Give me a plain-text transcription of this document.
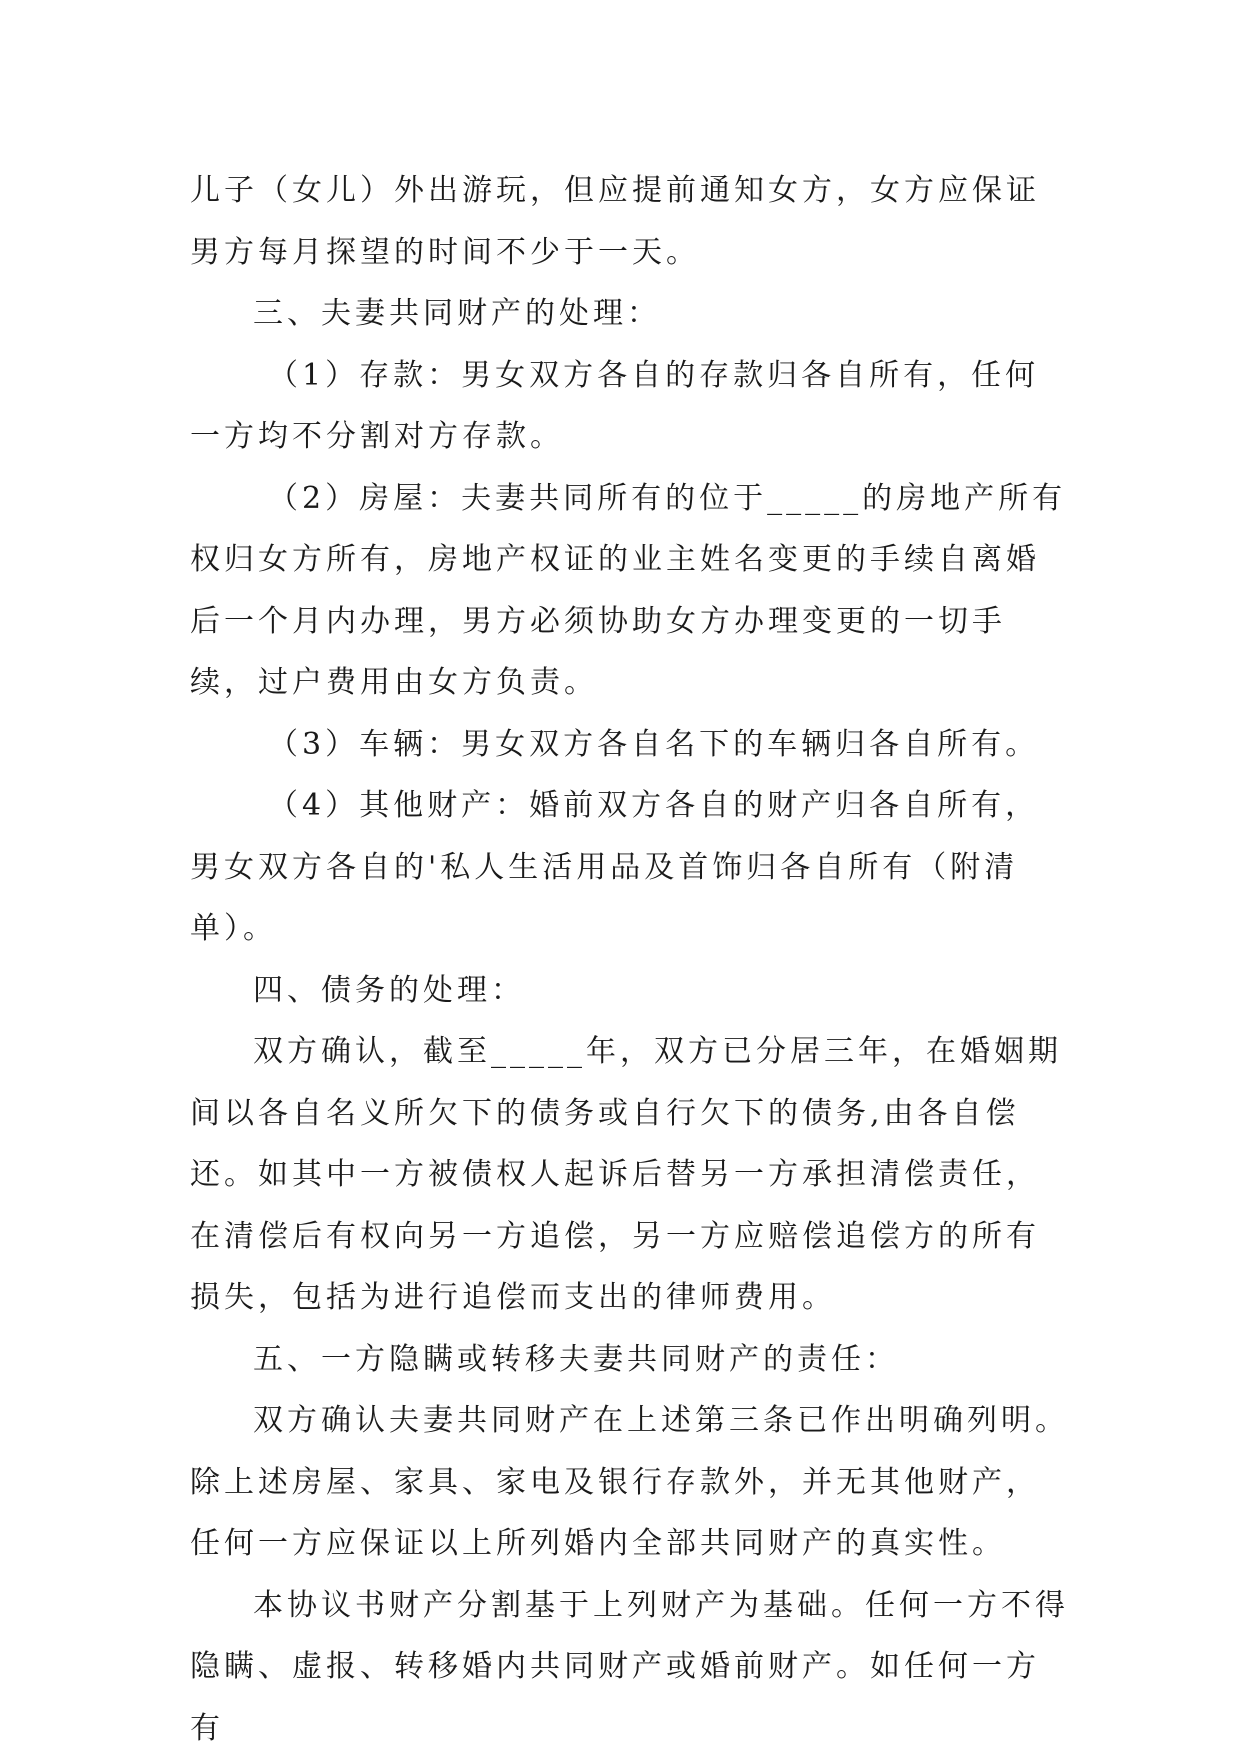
儿子（女儿）外出游玩，但应提前通知女方，女方应保证男方每月探望的时间不少于一天。

三、夫妻共同财产的处理：

（1）存款：男女双方各自的存款归各自所有，任何一方均不分割对方存款。

（2）房屋：夫妻共同所有的位于_____的房地产所有权归女方所有，房地产权证的业主姓名变更的手续自离婚后一个月内办理，男方必须协助女方办理变更的一切手续，过户费用由女方负责。

（3）车辆：男女双方各自名下的车辆归各自所有。

（4）其他财产：婚前双方各自的财产归各自所有，男女双方各自的'私人生活用品及首饰归各自所有（附清单）。

四、债务的处理：

双方确认，截至_____年，双方已分居三年，在婚姻期间以各自名义所欠下的债务或自行欠下的债务,由各自偿还。如其中一方被债权人起诉后替另一方承担清偿责任，在清偿后有权向另一方追偿，另一方应赔偿追偿方的所有损失，包括为进行追偿而支出的律师费用。

五、一方隐瞒或转移夫妻共同财产的责任：

双方确认夫妻共同财产在上述第三条已作出明确列明。除上述房屋、家具、家电及银行存款外，并无其他财产，任何一方应保证以上所列婚内全部共同财产的真实性。

本协议书财产分割基于上列财产为基础。任何一方不得隐瞒、虚报、转移婚内共同财产或婚前财产。如任何一方有
